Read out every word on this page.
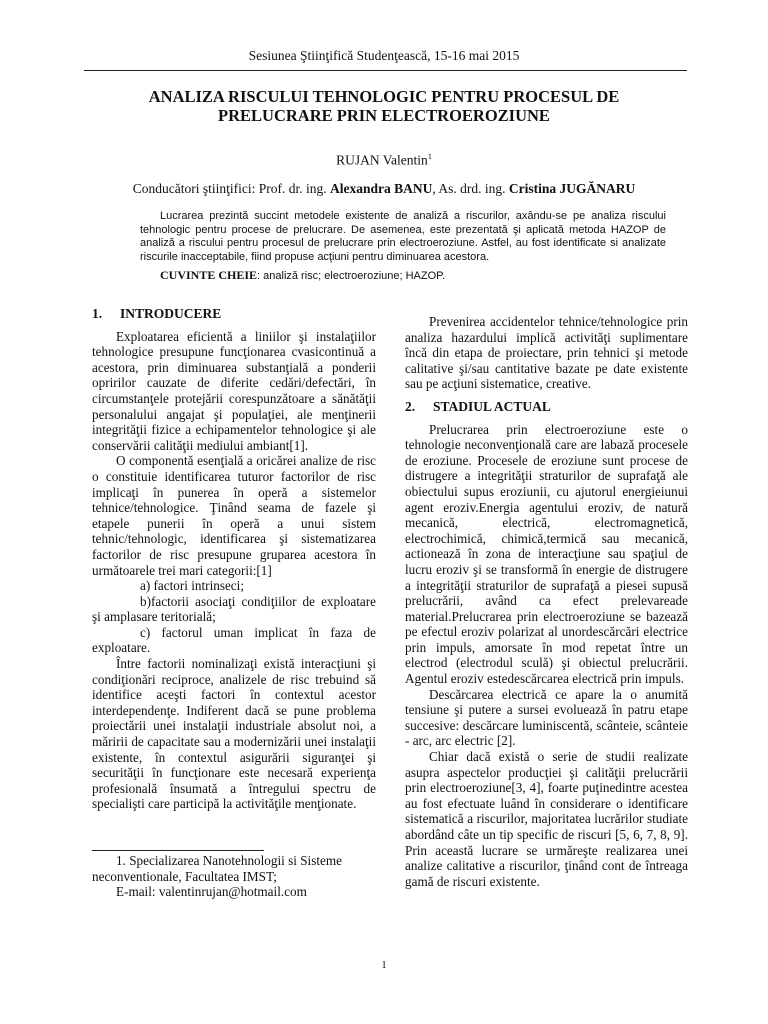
Sesiunea Ştiinţifică Studenţească, 15-16 mai 2015
ANALIZA RISCULUI TEHNOLOGIC PENTRU PROCESUL DE
PRELUCRARE PRIN ELECTROEROZIUNE
RUJAN Valentin$^1$
Conducători ştiinţifici: Prof. dr. ing. Alexandra BANU, As. drd. ing. Cristina JUGĂNARU

Lucrarea prezintă succint metodele existente de analiză a riscurilor, axându-se pe analiza riscului tehnologic pentru procese de prelucrare. De asemenea, este prezentată şi aplicată metoda HAZOP de analiză a riscului pentru procesul de prelucrare prin electroeroziune. Astfel, au fost identificate si analizate riscurile inacceptabile, fiind propuse acţiuni pentru diminuarea acestora.

CUVINTE CHEIE: analiză risc; electroeroziune; HAZOP.
1. INTRODUCERE

Exploatarea eficientă a liniilor şi instalaţiilor tehnologice presupune funcţionarea cvasicontinuă a acestora, prin diminuarea substanţială a ponderii opririlor cauzate de diferite cedări/defectări, în circumstanţele protejării corespunzătoare a sănătăţii personalului angajat şi populaţiei, ale menţinerii integrităţii fizice a echipamentelor tehnologice şi ale conservării calităţii mediului ambiant[1].

O componentă esenţială a oricărei analize de risc o constituie identificarea tuturor factorilor de risc implicaţi în punerea în operă a sistemelor tehnice/tehnologice. Ţinând seama de fazele şi etapele punerii în operă a unui sistem tehnic/tehnologic, identificarea şi sistematizarea factorilor de risc presupune gruparea acestora în următoarele trei mari categorii:[1]

a) factori intrinseci;

b)factorii asociaţi condiţiilor de exploatare şi amplasare teritorială;

c) factorul uman implicat în faza de exploatare.

Între factorii nominalizaţi există interacţiuni şi condiţionări reciproce, analizele de risc trebuind să identifice aceşti factori în contextul acestor interdependenţe. Indiferent dacă se pune problema proiectării unei instalaţii industriale absolut noi, a măririi de capacitate sau a modernizării unei instalaţii existente, în contextul asigurării siguranţei şi securităţii în funcţionare este necesară experienţa profesională însumată a întregului spectru de specialişti care participă la activităţile menţionate.

1. Specializarea Nanotehnologii si Sisteme neconventionale, Facultatea IMST;

E-mail: valentinrujan@hotmail.com

Prevenirea accidentelor tehnice/tehnologice prin analiza hazardului implică activităţi suplimentare încă din etapa de proiectare, prin tehnici şi metode calitative şi/sau cantitative bazate pe date existente sau pe acţiuni sistematice, creative.

2. STADIUL ACTUAL

Prelucrarea prin electroeroziune este o tehnologie neconvenţională care are labază procesele de eroziune. Procesele de eroziune sunt procese de distrugere a integrităţii straturilor de suprafaţă ale obiectului supus eroziunii, cu ajutorul energieiunui agent eroziv.Energia agentului eroziv, de natură mecanică, electrică, electromagnetică, electrochimică, chimică,termică sau mecanică, actionează în zona de interacţiune sau spaţiul de lucru eroziv şi se transformă în energie de distrugere a integrităţii straturilor de suprafaţă a piesei supusă prelucrării, având ca efect prelevareade material.Prelucrarea prin electroeroziune se bazează pe efectul eroziv polarizat al unordescărcări electrice prin impuls, amorsate în mod repetat între un electrod (electrodul sculă) şi obiectul prelucrării. Agentul eroziv estedescărcarea electrică prin impuls.

Descărcarea electrică ce apare la o anumită tensiune şi putere a sursei evoluează în patru etape succesive: descărcare luminiscentă, scânteie, scânteie - arc, arc electric [2].

Chiar dacă există o serie de studii realizate asupra aspectelor producţiei şi calităţii prelucrării prin electroeroziune[3, 4], foarte puţinedintre acestea au fost efectuate luând în considerare o identificare sistematică a riscurilor, majoritatea lucrărilor studiate abordând câte un tip specific de riscuri [5, 6, 7, 8, 9]. Prin această lucrare se urmăreşte realizarea unei analize calitative a riscurilor, ţinând cont de întreaga gamă de riscuri existente.

1
